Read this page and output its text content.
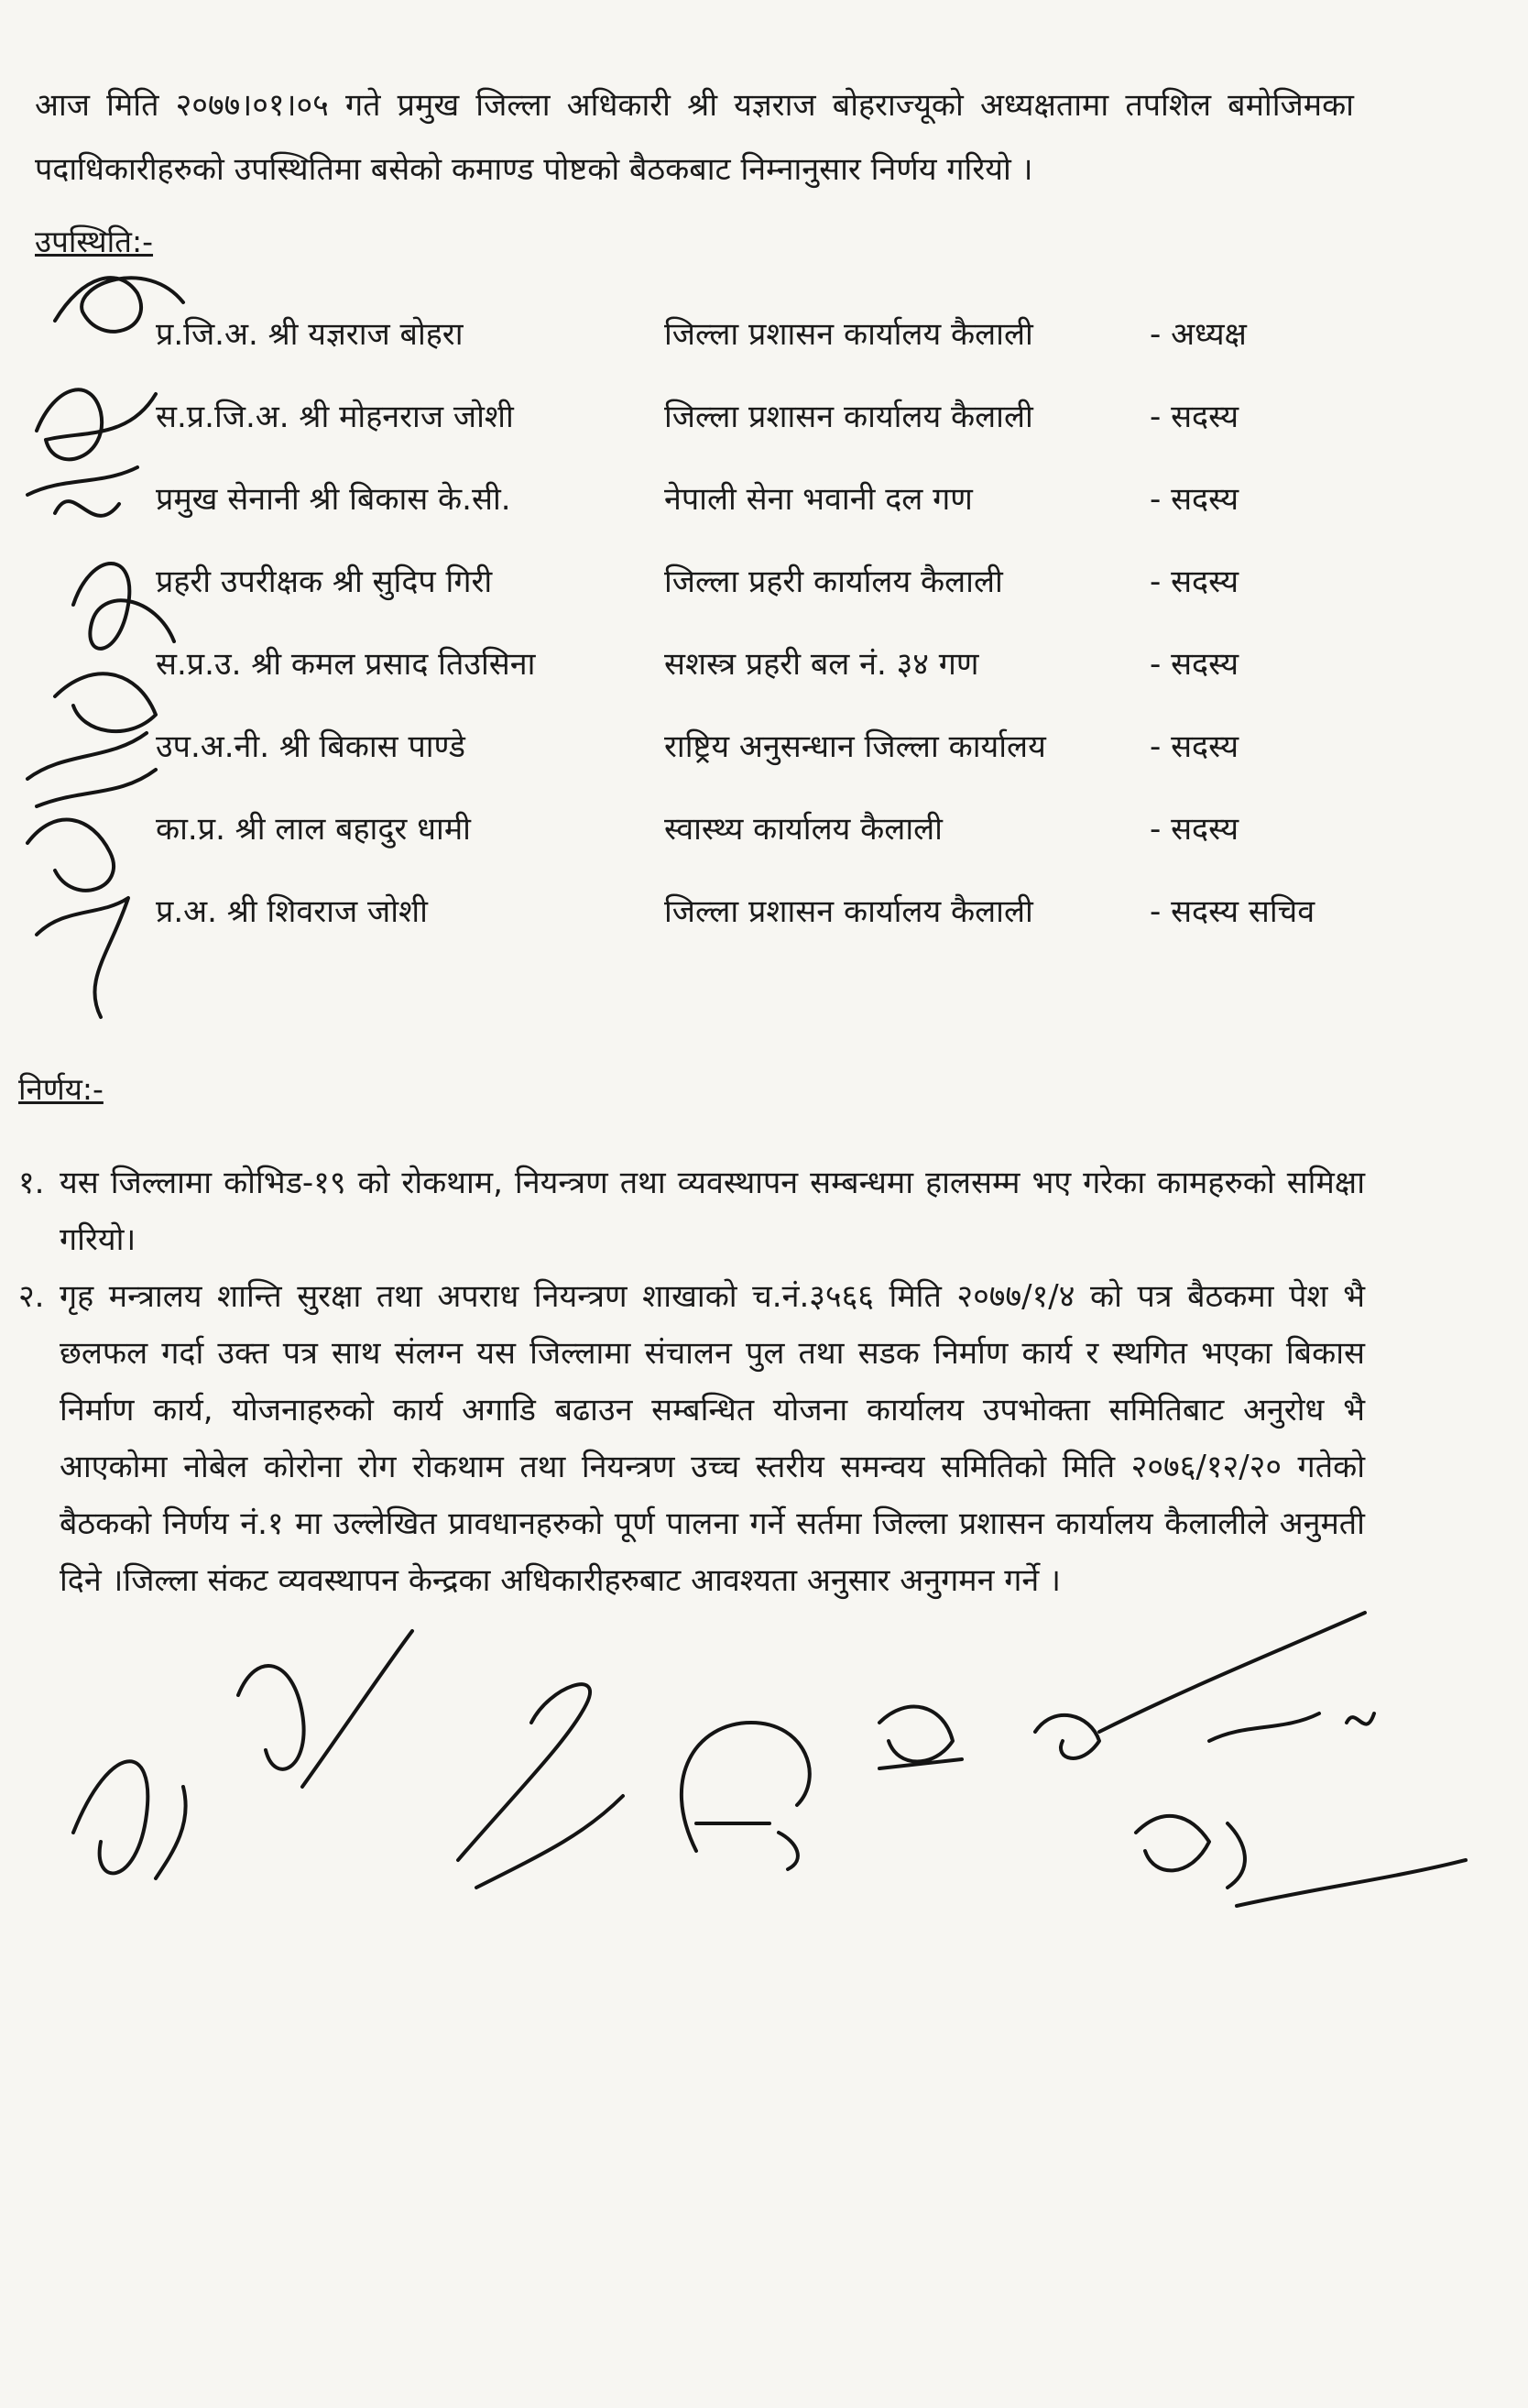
आज मिति २०७७।०१।०५ गते प्रमुख जिल्ला अधिकारी श्री यज्ञराज बोहराज्यूको अध्यक्षतामा तपशिल बमोजिमका पदाधिकारीहरुको उपस्थितिमा बसेको कमाण्ड पोष्टको बैठकबाट निम्नानुसार निर्णय गरियो ।

उपस्थिति:-
प्र.जि.अ. श्री यज्ञराज बोहरा	जिल्ला प्रशासन कार्यालय कैलाली	- अध्यक्ष
स.प्र.जि.अ. श्री मोहनराज जोशी	जिल्ला प्रशासन कार्यालय कैलाली	- सदस्य
प्रमुख सेनानी श्री बिकास के.सी.	नेपाली सेना भवानी दल गण	- सदस्य
प्रहरी उपरीक्षक श्री सुदिप गिरी	जिल्ला प्रहरी कार्यालय कैलाली	- सदस्य
स.प्र.उ. श्री कमल प्रसाद तिउसिना	सशस्त्र प्रहरी बल नं. ३४ गण	- सदस्य
उप.अ.नी. श्री बिकास पाण्डे	राष्ट्रिय अनुसन्धान जिल्ला कार्यालय	- सदस्य
का.प्र. श्री लाल बहादुर धामी	स्वास्थ्य कार्यालय कैलाली	- सदस्य
प्र.अ. श्री शिवराज जोशी	जिल्ला प्रशासन कार्यालय कैलाली	- सदस्य सचिव
निर्णय:-
१. यस जिल्लामा कोभिड-१९ को रोकथाम, नियन्त्रण तथा व्यवस्थापन सम्बन्धमा हालसम्म भए गरेका कामहरुको समिक्षा गरियो।
२. गृह मन्त्रालय शान्ति सुरक्षा तथा अपराध नियन्त्रण शाखाको च.नं.३५६६ मिति २०७७/१/४ को पत्र बैठकमा पेश भै छलफल गर्दा उक्त पत्र साथ संलग्न यस जिल्लामा संचालन पुल तथा सडक निर्माण कार्य र स्थगित भएका बिकास निर्माण कार्य, योजनाहरुको कार्य अगाडि बढाउन सम्बन्धित योजना कार्यालय उपभोक्ता समितिबाट अनुरोध भै आएकोमा नोबेल कोरोना रोग रोकथाम तथा नियन्त्रण उच्च स्तरीय समन्वय समितिको मिति २०७६/१२/२० गतेको बैठकको निर्णय नं.१ मा उल्लेखित प्रावधानहरुको पूर्ण पालना गर्ने सर्तमा जिल्ला प्रशासन कार्यालय कैलालीले अनुमती दिने ।जिल्ला संकट व्यवस्थापन केन्द्रका अधिकारीहरुबाट आवश्यता अनुसार अनुगमन गर्ने ।
